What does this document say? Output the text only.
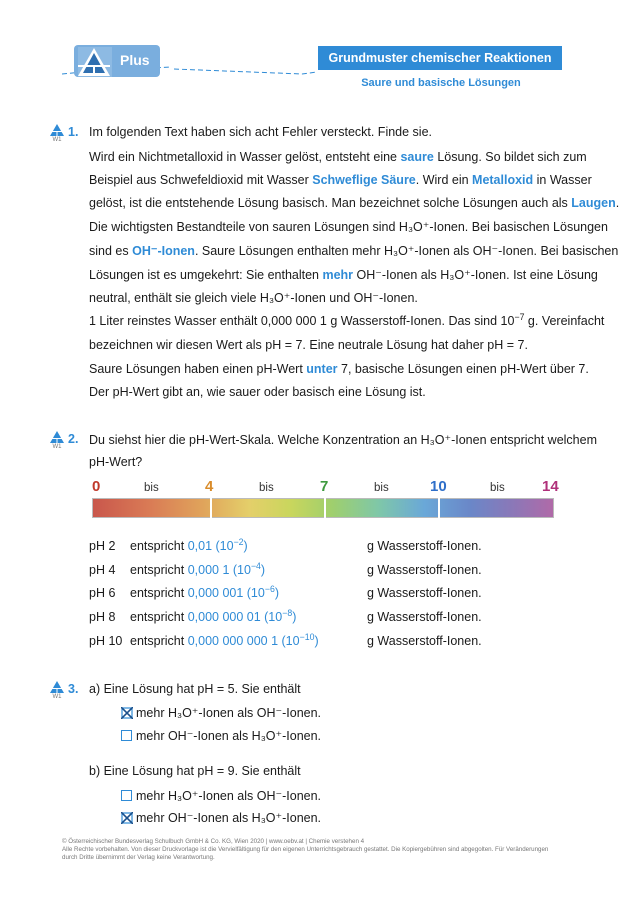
Plus	Grundmuster chemischer Reaktionen
Saure und basische Lösungen
W1
1. Im folgenden Text haben sich acht Fehler versteckt. Finde sie.
Wird ein Nichtmetalloxid in Wasser gelöst, entsteht eine saure Lösung. So bildet sich zum
Beispiel aus Schwefeldioxid mit Wasser Schweflige Säure. Wird ein Metalloxid in Wasser
gelöst, ist die entstehende Lösung basisch. Man bezeichnet solche Lösungen auch als Laugen.
Die wichtigsten Bestandteile von sauren Lösungen sind H₃O⁺-Ionen. Bei basischen Lösungen
sind es OH⁻-Ionen. Saure Lösungen enthalten mehr H₃O⁺-Ionen als OH⁻-Ionen. Bei basischen
Lösungen ist es umgekehrt: Sie enthalten mehr OH⁻-Ionen als H₃O⁺-Ionen. Ist eine Lösung
neutral, enthält sie gleich viele H₃O⁺-Ionen und OH⁻-Ionen.
1 Liter reinstes Wasser enthält 0,000 000 1 g Wasserstoff-Ionen. Das sind $10^{-7}$ g. Vereinfacht
bezeichnen wir diesen Wert als pH = 7. Eine neutrale Lösung hat daher pH = 7.
Saure Lösungen haben einen pH-Wert unter 7, basische Lösungen einen pH-Wert über 7.
Der pH-Wert gibt an, wie sauer oder basisch eine Lösung ist.
W1
2. Du siehst hier die pH-Wert-Skala. Welche Konzentration an H₃O⁺-Ionen entspricht welchem
pH-Wert?
0	bis	4	bis	7	bis	10	bis 14
pH 2 entspricht 0,01 $(10^{-2})$	g Wasserstoff-Ionen.
pH 4 entspricht 0,000 1 $(10^{-4})$	g Wasserstoff-Ionen.
pH 6 entspricht 0,000 001 $(10^{-6})$	g Wasserstoff-Ionen.
pH 8 entspricht 0,000 000 01 $(10^{-8})$	g Wasserstoff-Ionen.
pH 10 entspricht 0,000 000 000 1 $(10^{-10})$	g Wasserstoff-Ionen.
W1
3. a) Eine Lösung hat pH = 5. Sie enthält
mehr H₃O⁺-Ionen als OH⁻-Ionen.
mehr OH⁻-Ionen als H₃O⁺-Ionen.
b) Eine Lösung hat pH = 9. Sie enthält
mehr H₃O⁺-Ionen als OH⁻-Ionen.
mehr OH⁻-Ionen als H₃O⁺-Ionen.
© Österreichischer Bundesverlag Schulbuch GmbH & Co. KG, Wien 2020 | www.oebv.at | Chemie verstehen 4
Alle Rechte vorbehalten. Von dieser Druckvorlage ist die Vervielfältigung für den eigenen Unterrichtsgebrauch gestattet. Die Kopiergebühren sind abgegolten. Für Veränderungen
durch Dritte übernimmt der Verlag keine Verantwortung.
